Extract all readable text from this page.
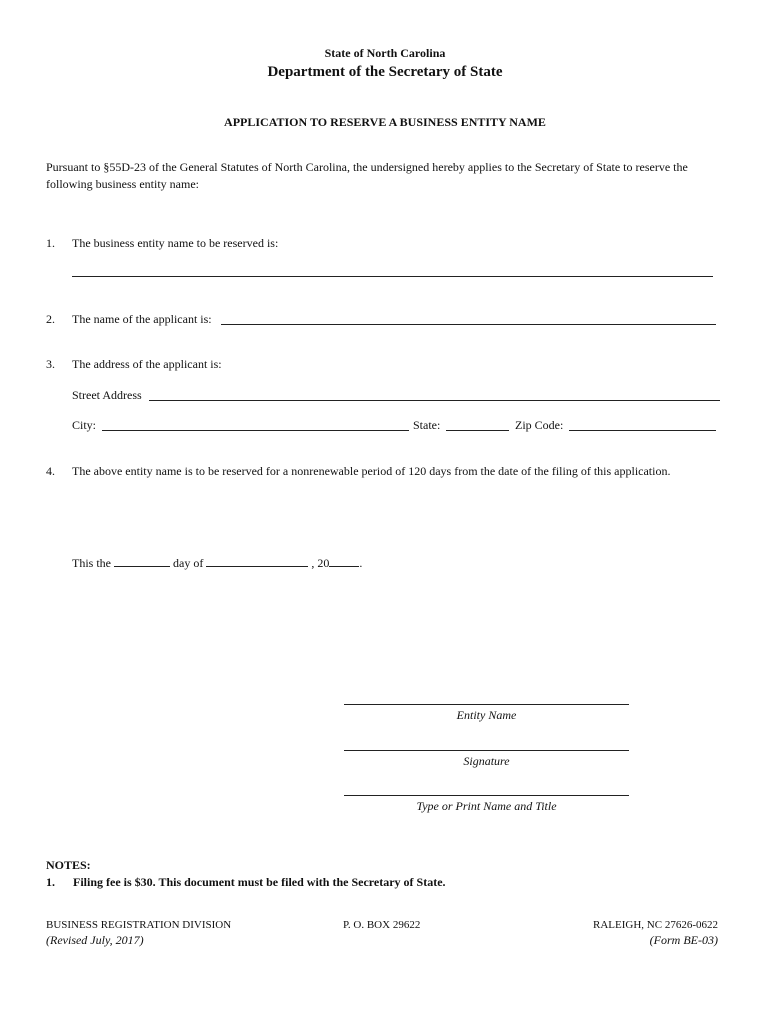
State of North Carolina
Department of the Secretary of State
APPLICATION TO RESERVE A BUSINESS ENTITY NAME
Pursuant to §55D-23 of the General Statutes of North Carolina, the undersigned hereby applies to the Secretary of State to reserve the following business entity name:
1. The business entity name to be reserved is:
2. The name of the applicant is:
3. The address of the applicant is:
Street Address
City:	State:	Zip Code:
4. The above entity name is to be reserved for a nonrenewable period of 120 days from the date of the filing of this application.
This the	day of	, 20	.
Entity Name
Signature
Type or Print Name and Title
NOTES:
1. Filing fee is $30. This document must be filed with the Secretary of State.
BUSINESS REGISTRATION DIVISION
(Revised July, 2017)
P. O. BOX 29622	RALEIGH, NC 27626-0622
(Form BE-03)
